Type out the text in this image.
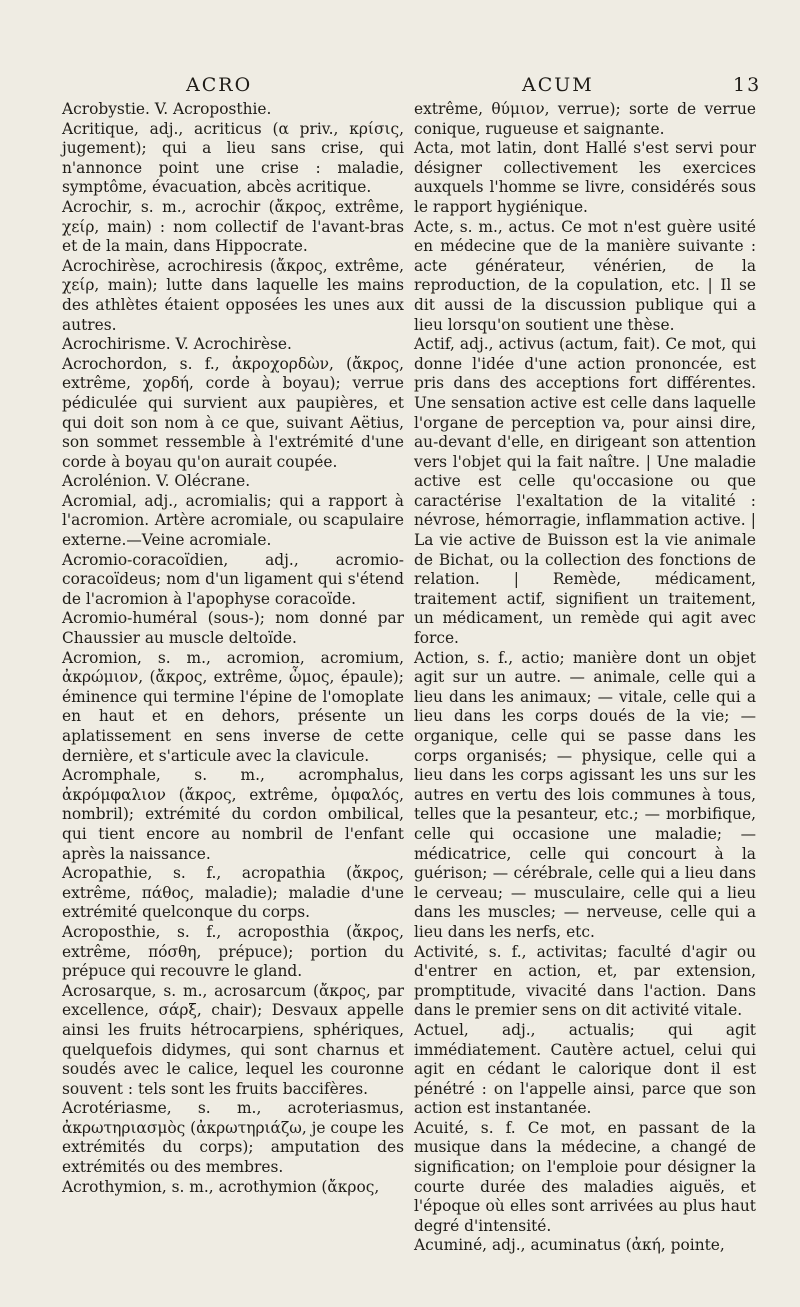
ACRO	ACUM	13

Acrobystie. V. Acroposthie.

Acritique, adj., acriticus (α priv., κρίσις, jugement); qui a lieu sans crise, qui n'annonce point une crise : maladie, symptôme, évacuation, abcès acritique.

Acrochir, s. m., acrochir (ἄκρος, extrême, χείρ, main) : nom collectif de l'avant-bras et de la main, dans Hippocrate.

Acrochirèse, acrochiresis (ἄκρος, extrême, χείρ, main); lutte dans laquelle les mains des athlètes étaient opposées les unes aux autres.

Acrochirisme. V. Acrochirèse.

Acrochordon, s. f., ἀκροχορδὼν, (ἄκρος, extrême, χορδή, corde à boyau); verrue pédiculée qui survient aux paupières, et qui doit son nom à ce que, suivant Aëtius, son sommet ressemble à l'extrémité d'une corde à boyau qu'on aurait coupée.

Acrolénion. V. Olécrane.

Acromial, adj., acromialis; qui a rapport à l'acromion. Artère acromiale, ou scapulaire externe.—Veine acromiale.

Acromio-coracoïdien, adj., acromio-coracoïdeus; nom d'un ligament qui s'étend de l'acromion à l'apophyse coracoïde.

Acromio-huméral (sous-); nom donné par Chaussier au muscle deltoïde.

Acromion, s. m., acromion, acromium, ἀκρώμιον, (ἄκρος, extrême, ὦμος, épaule); éminence qui termine l'épine de l'omoplate en haut et en dehors, présente un aplatissement en sens inverse de cette dernière, et s'articule avec la clavicule.

Acromphale, s. m., acromphalus, ἀκρόμφαλιον (ἄκρος, extrême, ὀμφαλός, nombril); extrémité du cordon ombilical, qui tient encore au nombril de l'enfant après la naissance.

Acropathie, s. f., acropathia (ἄκρος, extrême, πάθος, maladie); maladie d'une extrémité quelconque du corps.

Acroposthie, s. f., acroposthia (ἄκρος, extrême, πόσθη, prépuce); portion du prépuce qui recouvre le gland.

Acrosarque, s. m., acrosarcum (ἄκρος, par excellence, σάρξ, chair); Desvaux appelle ainsi les fruits hétrocarpiens, sphériques, quelquefois didymes, qui sont charnus et soudés avec le calice, lequel les couronne souvent : tels sont les fruits baccifères.

Acrotériasme, s. m., acroteriasmus, ἀκρωτηριασμὸς (ἀκρωτηριάζω, je coupe les extrémités du corps); amputation des extrémités ou des membres.

Acrothymion, s. m., acrothymion (ἄκρος,

extrême, θύμιον, verrue); sorte de verrue conique, rugueuse et saignante.

Acta, mot latin, dont Hallé s'est servi pour désigner collectivement les exercices auxquels l'homme se livre, considérés sous le rapport hygiénique.

Acte, s. m., actus. Ce mot n'est guère usité en médecine que de la manière suivante : acte générateur, vénérien, de la reproduction, de la copulation, etc. | Il se dit aussi de la discussion publique qui a lieu lorsqu'on soutient une thèse.

Actif, adj., activus (actum, fait). Ce mot, qui donne l'idée d'une action prononcée, est pris dans des acceptions fort différentes. Une sensation active est celle dans laquelle l'organe de perception va, pour ainsi dire, au-devant d'elle, en dirigeant son attention vers l'objet qui la fait naître. | Une maladie active est celle qu'occasione ou que caractérise l'exaltation de la vitalité : névrose, hémorragie, inflammation active. | La vie active de Buisson est la vie animale de Bichat, ou la collection des fonctions de relation. | Remède, médicament, traitement actif, signifient un traitement, un médicament, un remède qui agit avec force.

Action, s. f., actio; manière dont un objet agit sur un autre. — animale, celle qui a lieu dans les animaux; — vitale, celle qui a lieu dans les corps doués de la vie; — organique, celle qui se passe dans les corps organisés; — physique, celle qui a lieu dans les corps agissant les uns sur les autres en vertu des lois communes à tous, telles que la pesanteur, etc.; — morbifique, celle qui occasione une maladie; — médicatrice, celle qui concourt à la guérison; — cérébrale, celle qui a lieu dans le cerveau; — musculaire, celle qui a lieu dans les muscles; — nerveuse, celle qui a lieu dans les nerfs, etc.

Activité, s. f., activitas; faculté d'agir ou d'entrer en action, et, par extension, promptitude, vivacité dans l'action. Dans dans le premier sens on dit activité vitale.

Actuel, adj., actualis; qui agit immédiatement. Cautère actuel, celui qui agit en cédant le calorique dont il est pénétré : on l'appelle ainsi, parce que son action est instantanée.

Acuité, s. f. Ce mot, en passant de la musique dans la médecine, a changé de signification; on l'emploie pour désigner la courte durée des maladies aiguës, et l'époque où elles sont arrivées au plus haut degré d'intensité.

Acuminé, adj., acuminatus (ἀκή, pointe,
